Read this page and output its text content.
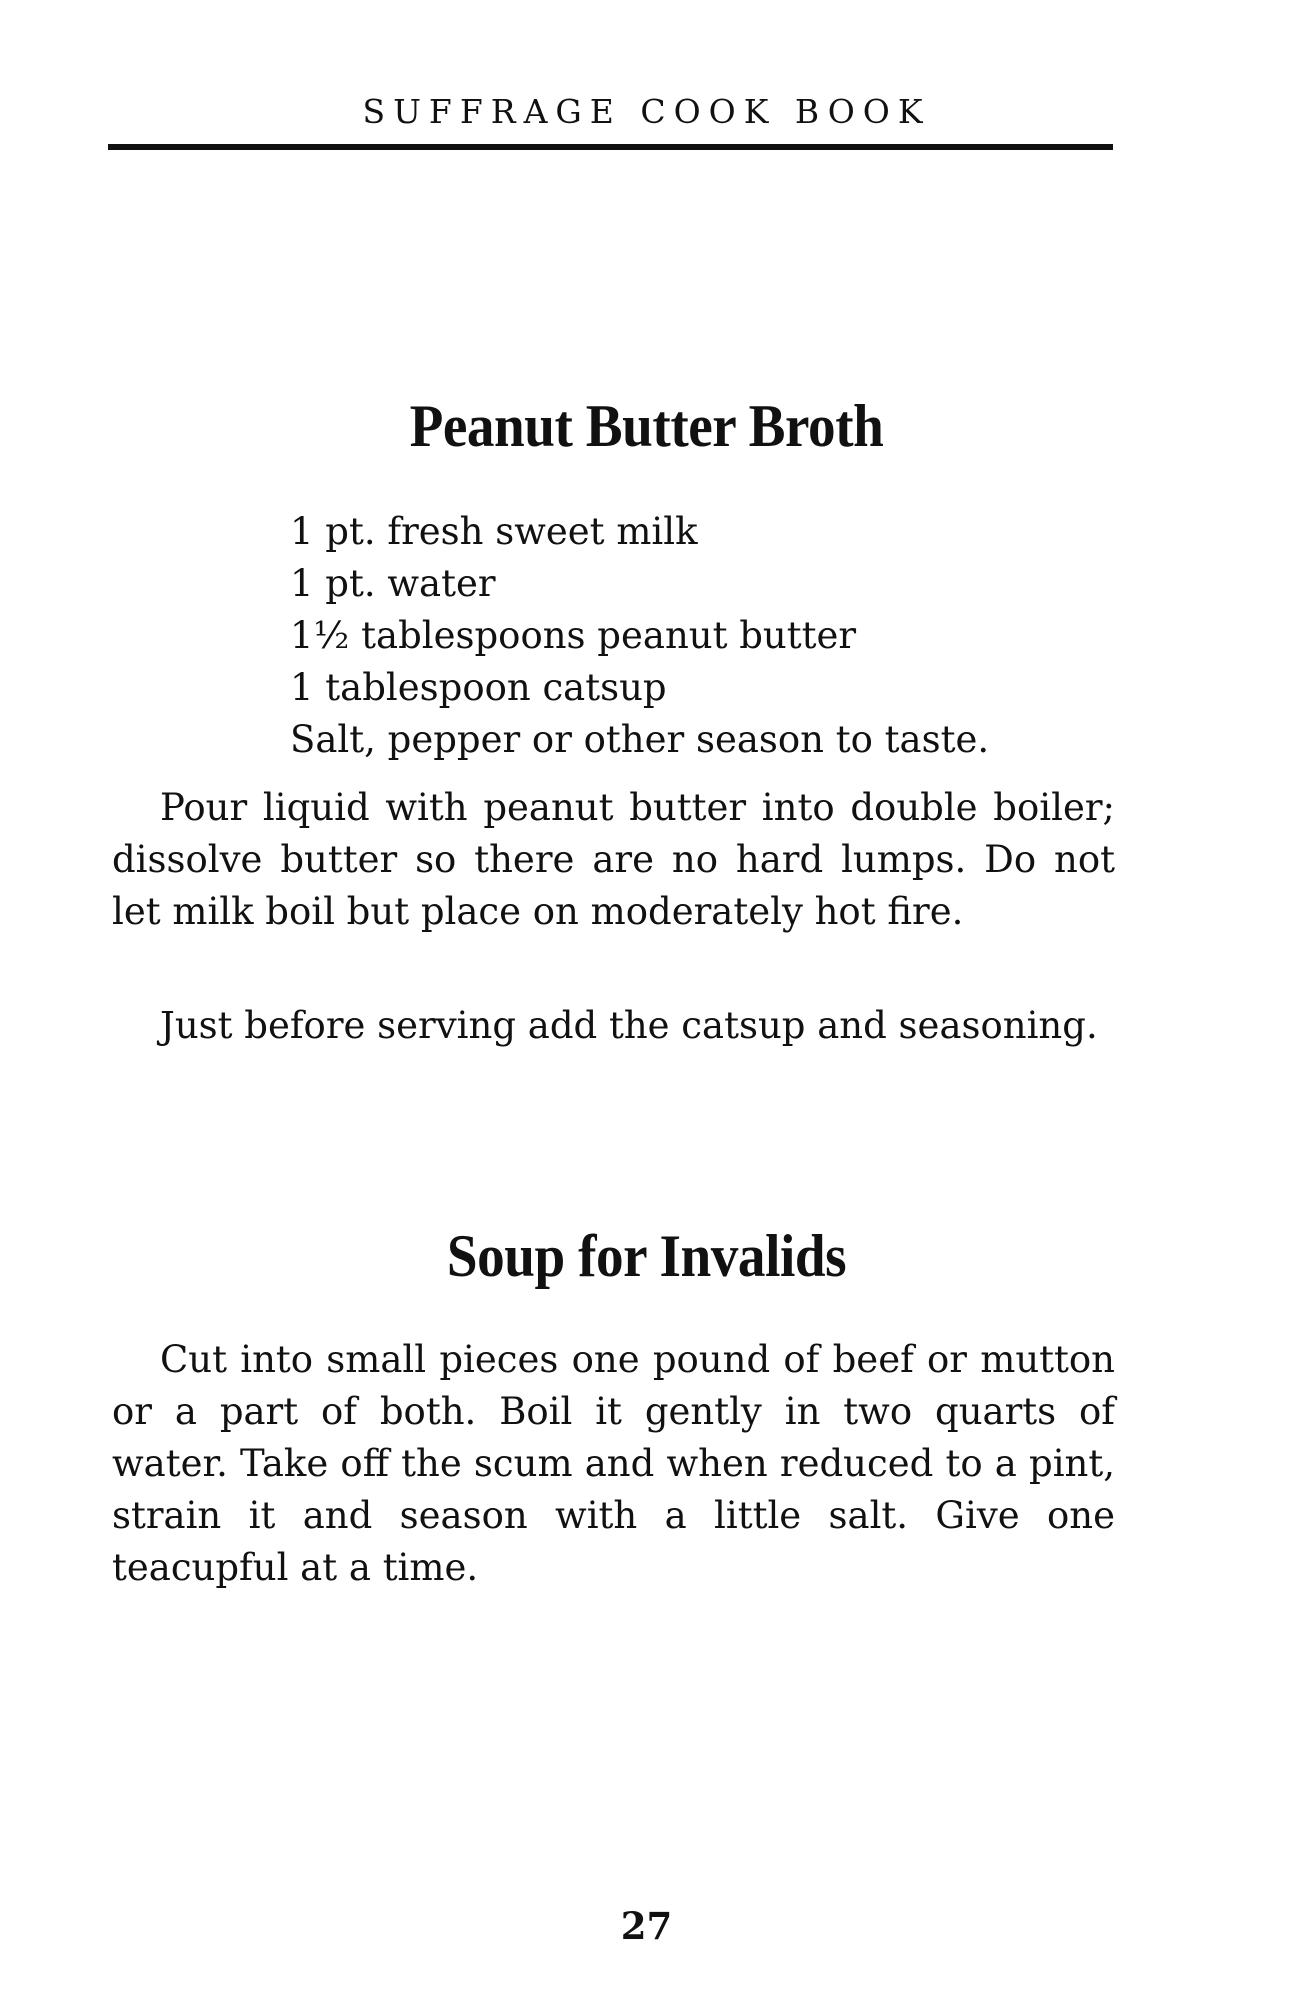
SUFFRAGE COOK BOOK
Peanut Butter Broth
1 pt. fresh sweet milk
1 pt. water
1½ tablespoons peanut butter
1 tablespoon catsup
Salt, pepper or other season to taste.

Pour liquid with peanut butter into double boiler; dissolve butter so there are no hard lumps. Do not let milk boil but place on moderately hot fire.

Just before serving add the catsup and seasoning.

Soup for Invalids

Cut into small pieces one pound of beef or mutton or a part of both. Boil it gently in two quarts of water. Take off the scum and when reduced to a pint, strain it and season with a little salt. Give one teacupful at a time.

27
